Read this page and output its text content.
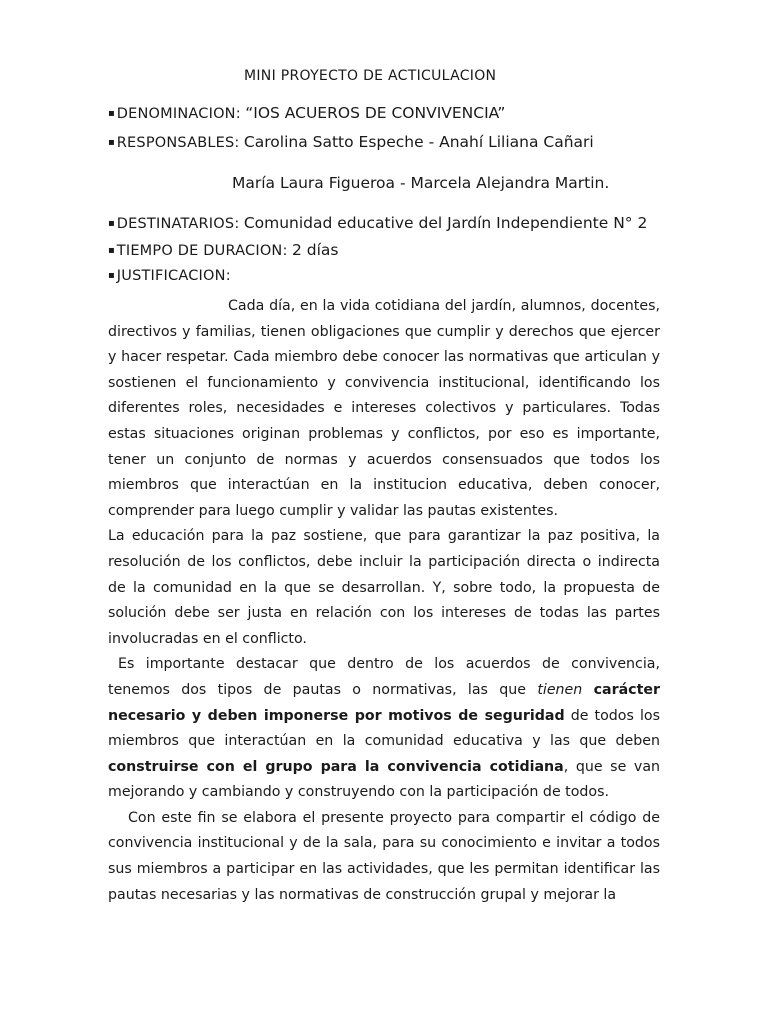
MINI PROYECTO DE ACTICULACION
▪ DENOMINACION: “IOS ACUEROS DE CONVIVENCIA”
▪ RESPONSABLES: Carolina Satto Espeche - Anahí Liliana Cañari
María Laura Figueroa - Marcela Alejandra Martin.
▪ DESTINATARIOS: Comunidad educative del Jardín Independiente N° 2
▪ TIEMPO DE DURACION: 2 días
▪ JUSTIFICACION:

Cada día, en la vida cotidiana del jardín, alumnos, docentes, directivos y familias, tienen obligaciones que cumplir y derechos que ejercer y hacer respetar. Cada miembro debe conocer las normativas que articulan y sostienen el funcionamiento y convivencia institucional, identificando los diferentes roles, necesidades e intereses colectivos y particulares. Todas estas situaciones originan problemas y conflictos, por eso es importante, tener un conjunto de normas y acuerdos consensuados que todos los miembros que interactúan en la institucion educativa, deben conocer, comprender para luego cumplir y validar las pautas existentes.

La educación para la paz sostiene, que para garantizar la paz positiva, la resolución de los conflictos, debe incluir la participación directa o indirecta de la comunidad en la que se desarrollan. Y, sobre todo, la propuesta de solución debe ser justa en relación con los intereses de todas las partes involucradas en el conflicto.

Es importante destacar que dentro de los acuerdos de convivencia, tenemos dos tipos de pautas o normativas, las que tienen carácter necesario y deben imponerse por motivos de seguridad de todos los miembros que interactúan en la comunidad educativa y las que deben construirse con el grupo para la convivencia cotidiana, que se van mejorando y cambiando y construyendo con la participación de todos.

Con este fin se elabora el presente proyecto para compartir el código de convivencia institucional y de la sala, para su conocimiento e invitar a todos sus miembros a participar en las actividades, que les permitan identificar las pautas necesarias y las normativas de construcción grupal y mejorar la
